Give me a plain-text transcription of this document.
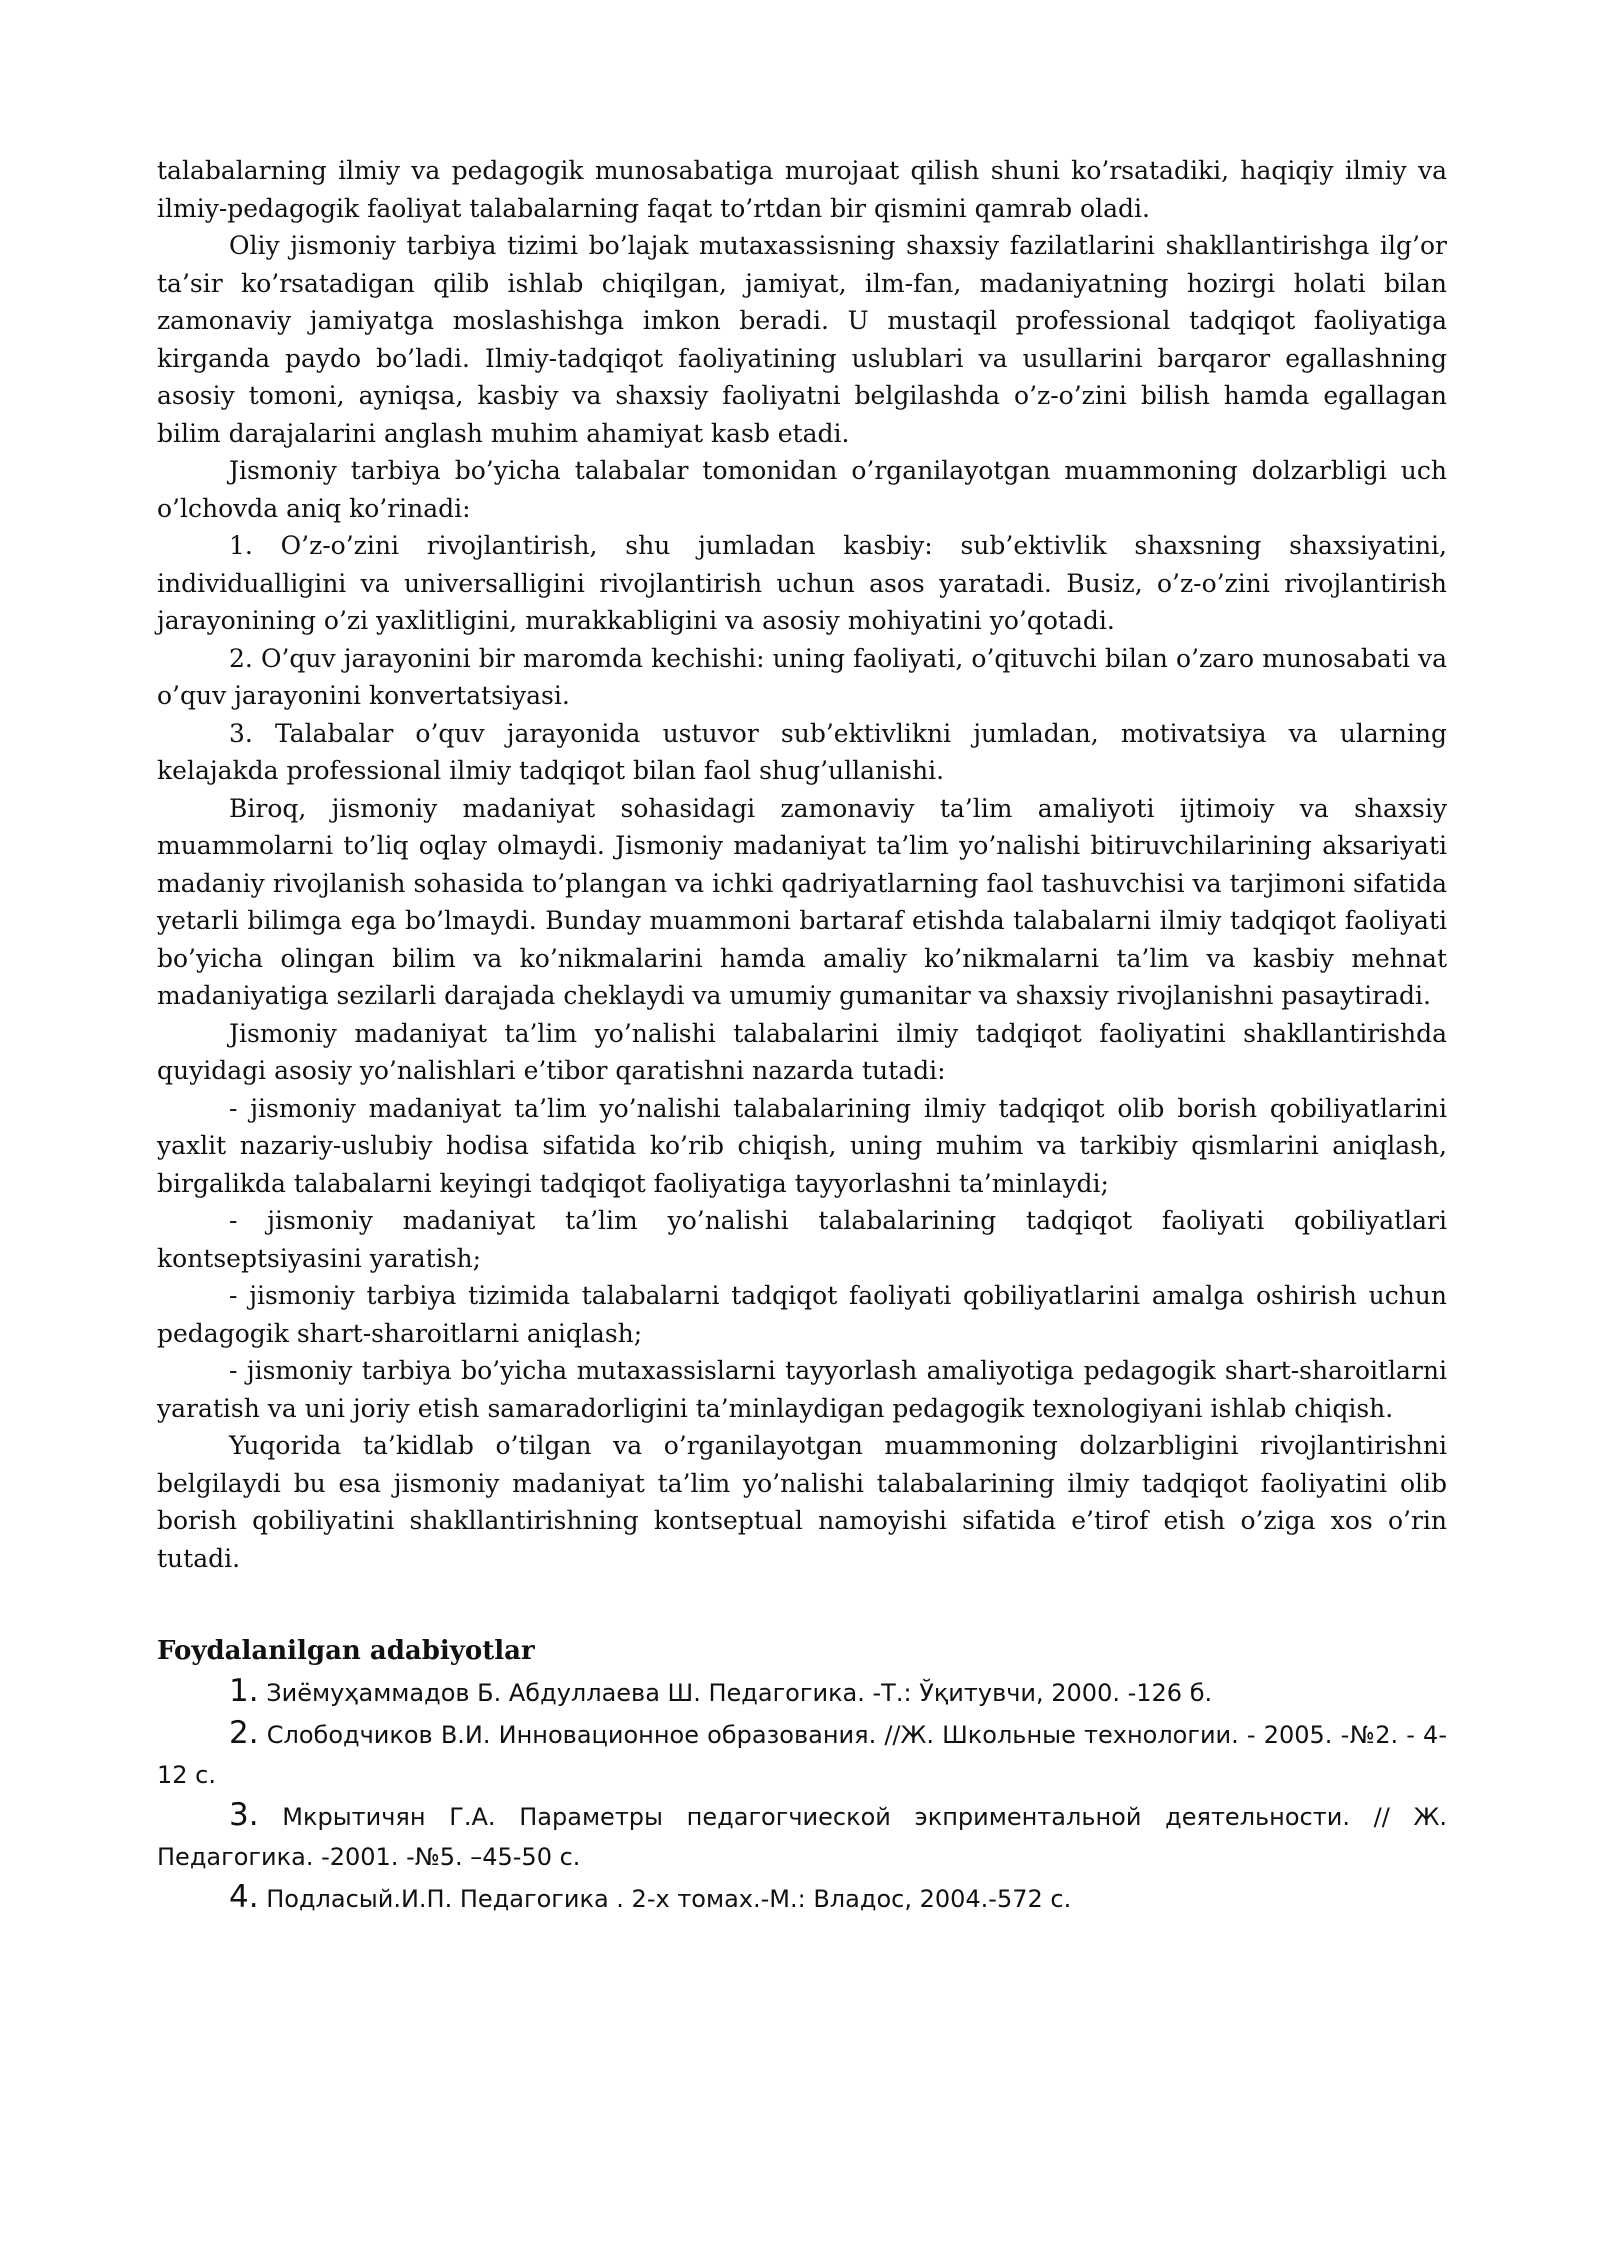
talabalarning ilmiy va pedagogik munosabatiga murojaat qilish shuni ko’rsatadiki, haqiqiy ilmiy va ilmiy-pedagogik faoliyat talabalarning faqat to’rtdan bir qismini qamrab oladi.

Oliy jismoniy tarbiya tizimi bo’lajak mutaxassisning shaxsiy fazilatlarini shakllantirishga ilg’or ta’sir ko’rsatadigan qilib ishlab chiqilgan, jamiyat, ilm-fan, madaniyatning hozirgi holati bilan zamonaviy jamiyatga moslashishga imkon beradi. U mustaqil professional tadqiqot faoliyatiga kirganda paydo bo’ladi. Ilmiy-tadqiqot faoliyatining uslublari va usullarini barqaror egallashning asosiy tomoni, ayniqsa, kasbiy va shaxsiy faoliyatni belgilashda o’z-o’zini bilish hamda egallagan bilim darajalarini anglash muhim ahamiyat kasb etadi.

Jismoniy tarbiya bo’yicha talabalar tomonidan o’rganilayotgan muammoning dolzarbligi uch o’lchovda aniq ko’rinadi:

1. O’z-o’zini rivojlantirish, shu jumladan kasbiy: sub’ektivlik shaxsning shaxsiyatini, individualligini va universalligini rivojlantirish uchun asos yaratadi. Busiz, o’z-o’zini rivojlantirish jarayonining o’zi yaxlitligini, murakkabligini va asosiy mohiyatini yo’qotadi.

2. O’quv jarayonini bir maromda kechishi: uning faoliyati, o’qituvchi bilan o’zaro munosabati va o’quv jarayonini konvertatsiyasi.

3. Talabalar o’quv jarayonida ustuvor sub’ektivlikni jumladan, motivatsiya va ularning kelajakda professional ilmiy tadqiqot bilan faol shug’ullanishi.

Biroq, jismoniy madaniyat sohasidagi zamonaviy ta’lim amaliyoti ijtimoiy va shaxsiy muammolarni to’liq oqlay olmaydi. Jismoniy madaniyat ta’lim yo’nalishi bitiruvchilarining aksariyati madaniy rivojlanish sohasida to’plangan va ichki qadriyatlarning faol tashuvchisi va tarjimoni sifatida yetarli bilimga ega bo’lmaydi. Bunday muammoni bartaraf etishda talabalarni ilmiy tadqiqot faoliyati bo’yicha olingan bilim va ko’nikmalarini hamda amaliy ko’nikmalarni ta’lim va kasbiy mehnat madaniyatiga sezilarli darajada cheklaydi va umumiy gumanitar va shaxsiy rivojlanishni pasaytiradi.

Jismoniy madaniyat ta’lim yo’nalishi talabalarini ilmiy tadqiqot faoliyatini shakllantirishda quyidagi asosiy yo’nalishlari e’tibor qaratishni nazarda tutadi:

- jismoniy madaniyat ta’lim yo’nalishi talabalarining ilmiy tadqiqot olib borish qobiliyatlarini yaxlit nazariy-uslubiy hodisa sifatida ko’rib chiqish, uning muhim va tarkibiy qismlarini aniqlash, birgalikda talabalarni keyingi tadqiqot faoliyatiga tayyorlashni ta’minlaydi;

- jismoniy madaniyat ta’lim yo’nalishi talabalarining tadqiqot faoliyati qobiliyatlari kontseptsiyasini yaratish;

- jismoniy tarbiya tizimida talabalarni tadqiqot faoliyati qobiliyatlarini amalga oshirish uchun pedagogik shart-sharoitlarni aniqlash;

- jismoniy tarbiya bo’yicha mutaxassislarni tayyorlash amaliyotiga pedagogik shart-sharoitlarni yaratish va uni joriy etish samaradorligini ta’minlaydigan pedagogik texnologiyani ishlab chiqish.

Yuqorida ta’kidlab o’tilgan va o’rganilayotgan muammoning dolzarbligini rivojlantirishni belgilaydi bu esa jismoniy madaniyat ta’lim yo’nalishi talabalarining ilmiy tadqiqot faoliyatini olib borish qobiliyatini shakllantirishning kontseptual namoyishi sifatida e’tirof etish o’ziga xos o’rin tutadi.

Foydalanilgan adabiyotlar

1. Зиёмуҳаммадов Б. Абдуллаева Ш. Педагогика. -Т.: Ўқитувчи, 2000. -126 б.

2. Слободчиков В.И. Инновационное образования. //Ж. Школьные технологии. - 2005. -№2. - 4-12 с.

3. Мкрытичян Г.А. Параметры педагогчиеской экприментальной деятельности. // Ж. Педагогика. -2001. -№5. –45-50 с.

4. Подласый.И.П. Педагогика . 2-х томах.-М.: Владос, 2004.-572 с.
